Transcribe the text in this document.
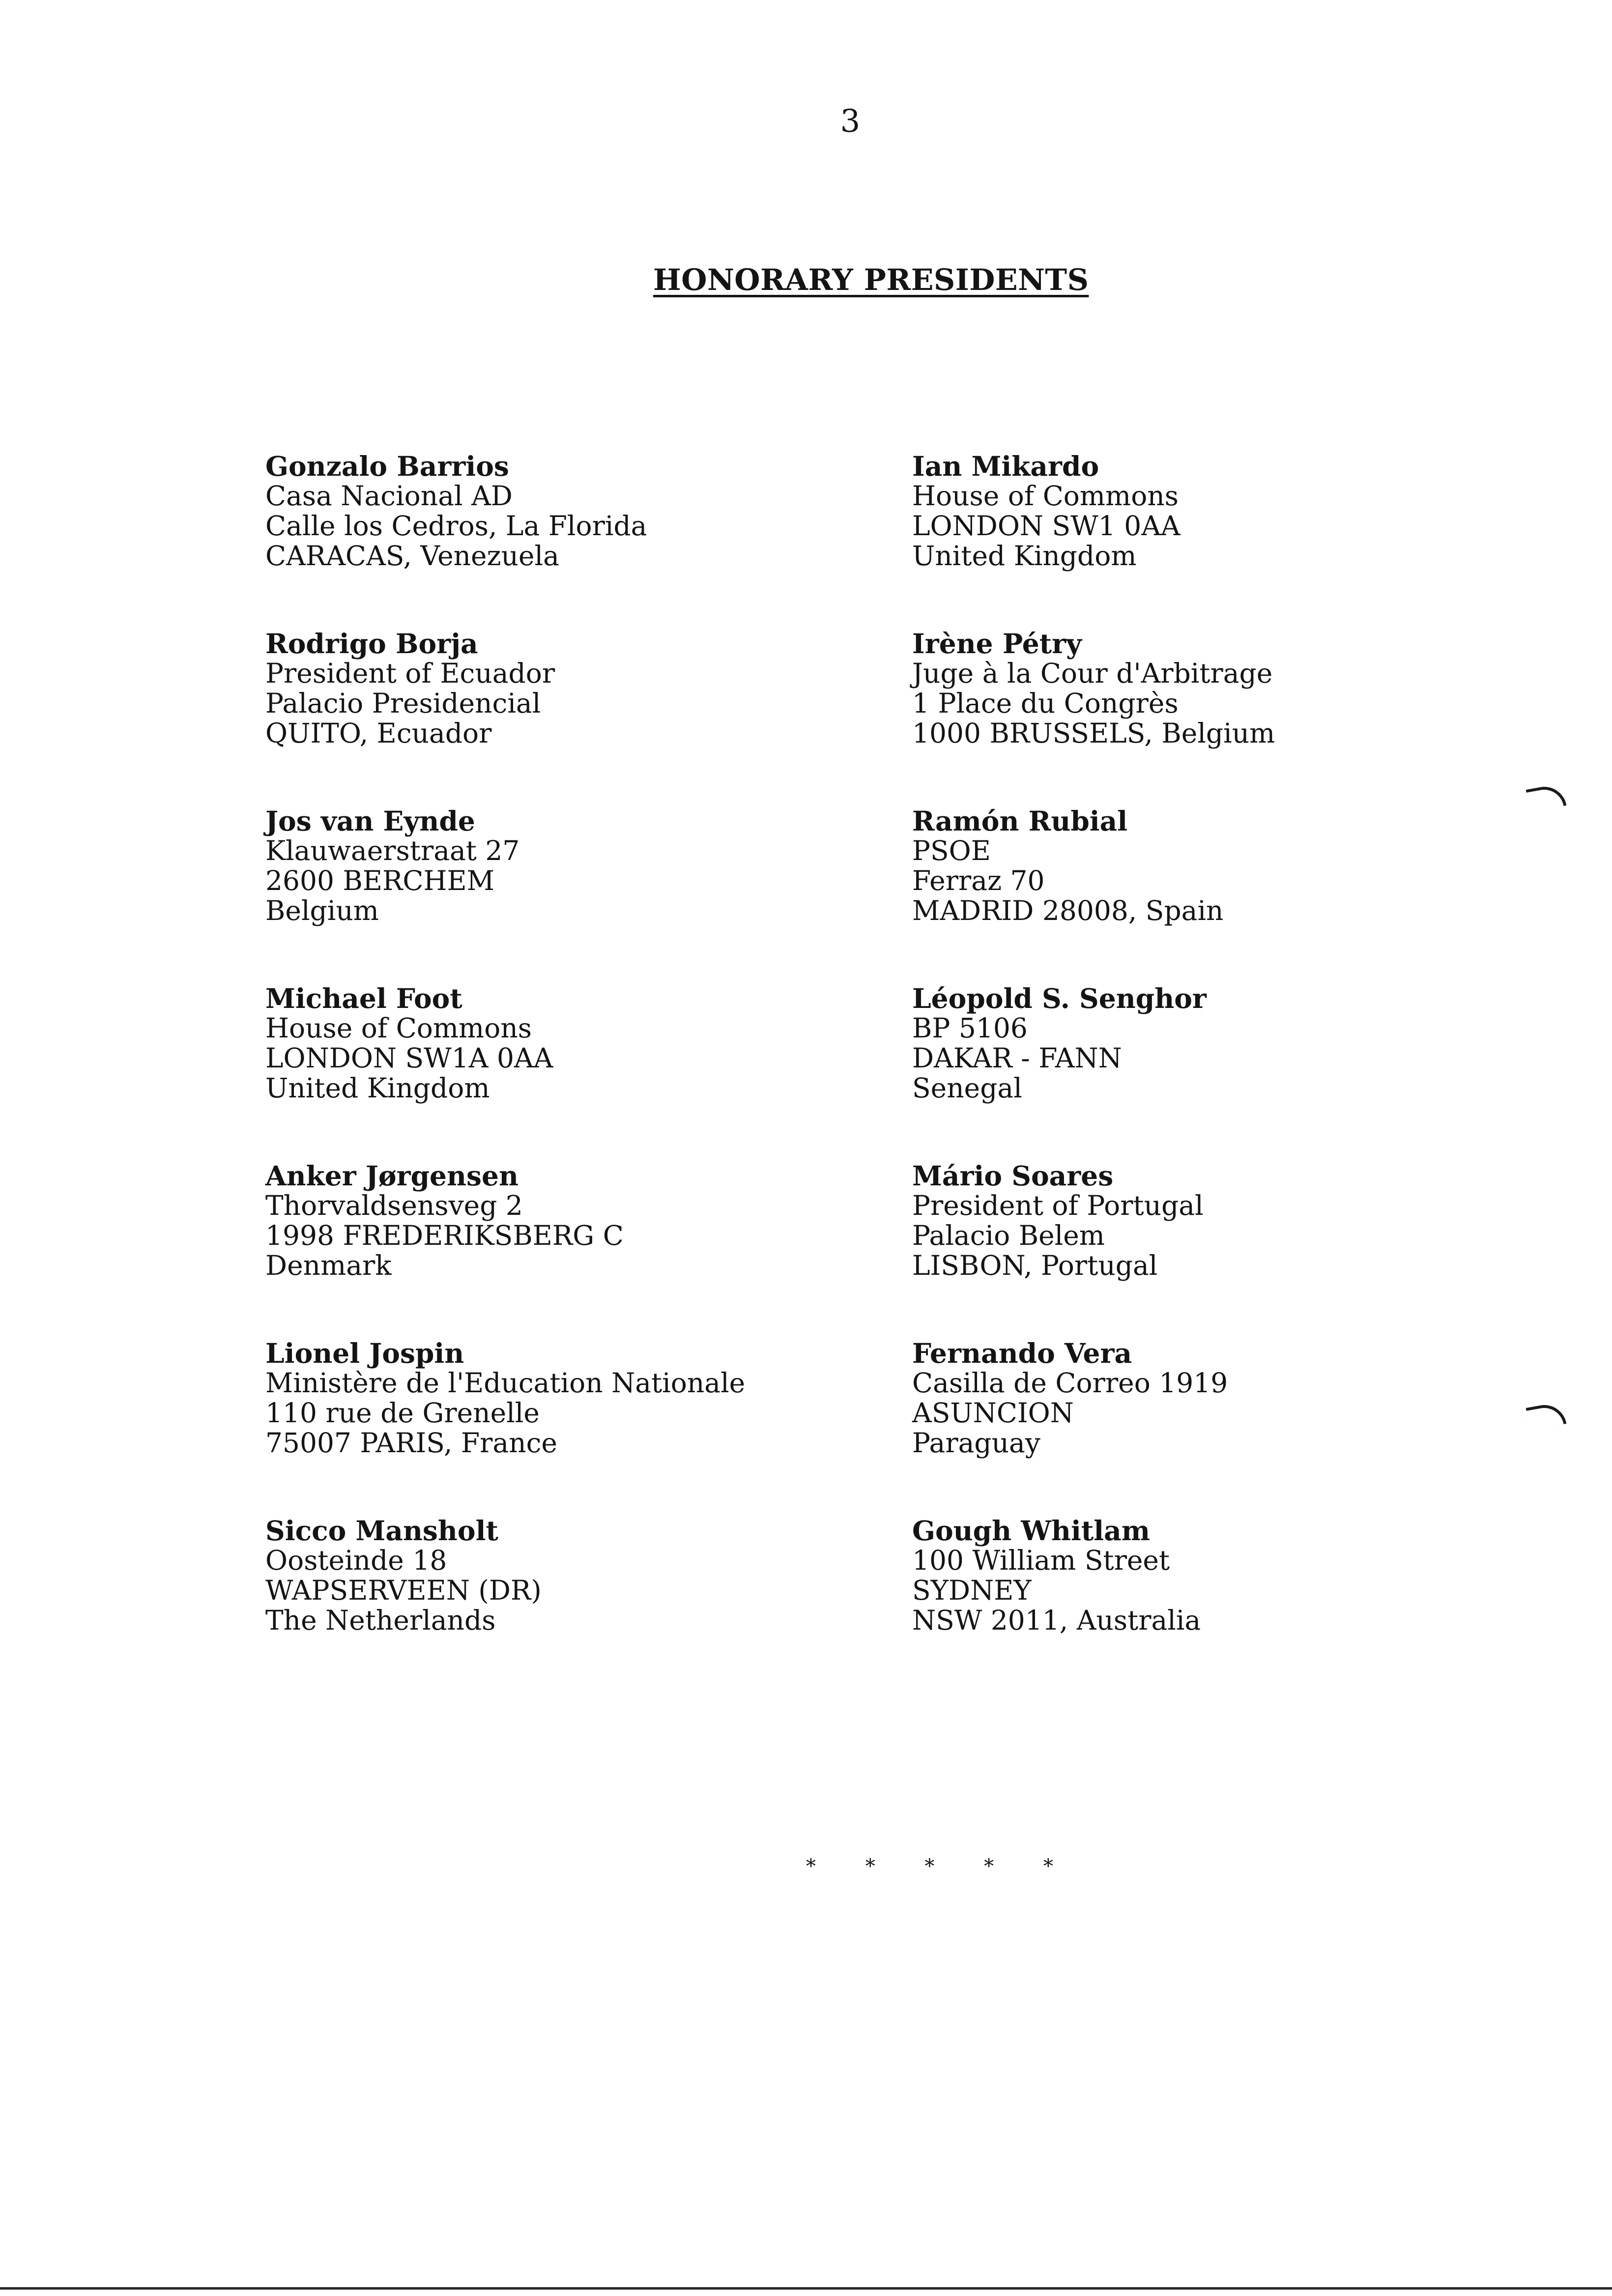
3
HONORARY PRESIDENTS
Gonzalo Barrios
Casa Nacional AD
Calle los Cedros, La Florida
CARACAS, Venezuela
Rodrigo Borja
President of Ecuador
Palacio Presidencial
QUITO, Ecuador
Jos van Eynde
Klauwaerstraat 27
2600 BERCHEM
Belgium
Michael Foot
House of Commons
LONDON SW1A 0AA
United Kingdom
Anker Jørgensen
Thorvaldsensveg 2
1998 FREDERIKSBERG C
Denmark
Lionel Jospin
Ministère de l'Education Nationale
110 rue de Grenelle
75007 PARIS, France
Sicco Mansholt
Oosteinde 18
WAPSERVEEN (DR)
The Netherlands
Ian Mikardo
House of Commons
LONDON SW1 0AA
United Kingdom
Irène Pétry
Juge à la Cour d'Arbitrage
1 Place du Congrès
1000 BRUSSELS, Belgium
Ramón Rubial
PSOE
Ferraz 70
MADRID 28008, Spain
Léopold S. Senghor
BP 5106
DAKAR - FANN
Senegal
Mário Soares
President of Portugal
Palacio Belem
LISBON, Portugal
Fernando Vera
Casilla de Correo 1919
ASUNCION
Paraguay
Gough Whitlam
100 William Street
SYDNEY
NSW 2011, Australia
* * * * *
